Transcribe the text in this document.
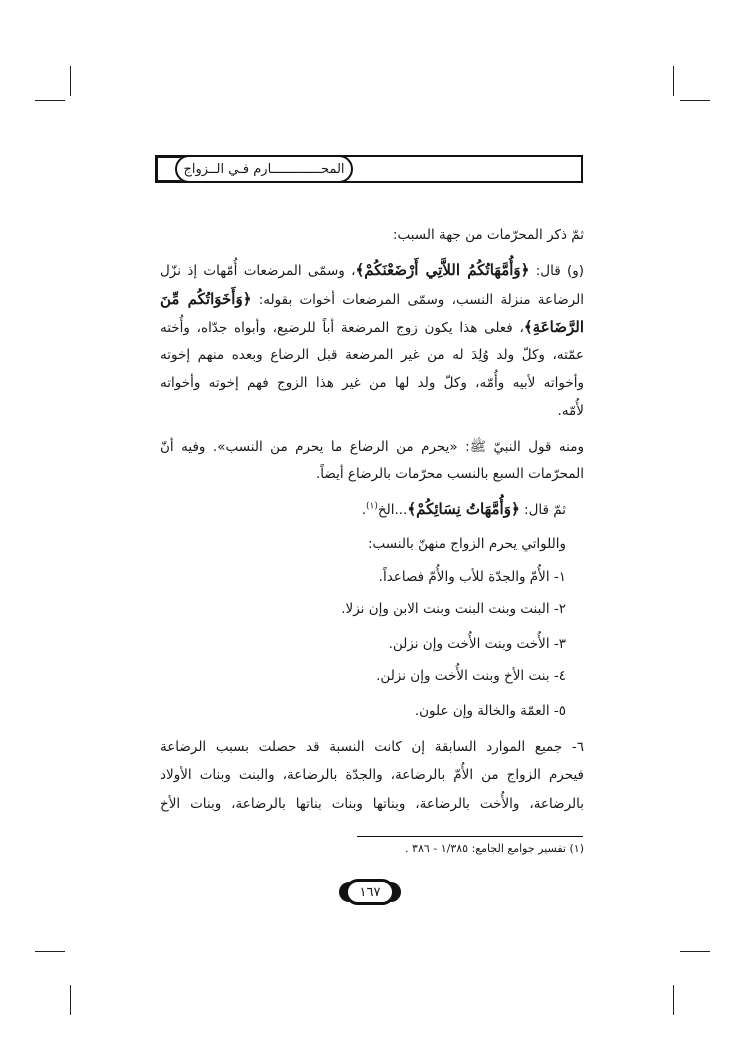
المحـــــــــــــارم فـي الــزواج
ثمّ ذكر المحرّمات من جهة السبب:
(و) قال: ﴿وَأُمَّهَاتُكُمُ اللاَّتِي أَرْضَعْنَكُمْ﴾، وسمّى المرضعات أُمّهات إذ نزّل
الرضاعة منزلة النسب، وسمّى المرضعات أخوات بقوله: ﴿وَأَخَوَاتُكُم مِّنَ
الرَّضَاعَةِ﴾، فعلى هذا يكون زوج المرضعة أباً للرضيع، وأبواه جدّاه، وأُخته
عمّته، وكلّ ولد وُلِدَ له من غير المرضعة قبل الرضاع وبعده منهم إخوته
وأخواته لأبيه وأُمّه، وكلّ ولد لها من غير هذا الزوج فهم إخوته وأخواته
لأُمّه.
ومنه قول النبيّ ﷺ: «يحرم من الرضاع ما يحرم من النسب». وفيه أنّ
المحرّمات السبع بالنسب محرّمات بالرضاع أيضاً.
ثمّ قال: ﴿وَأُمَّهَاتُ نِسَائِكُمْ﴾...الخ$^{(١)}$.
واللواتي يحرم الزواج منهنّ بالنسب:
١- الأُمّ والجدّة للأب والأُمّ فصاعداً.
٢- البنت وبنت البنت وبنت الابن وإن نزلا.
٣- الأُخت وبنت الأُخت وإن نزلن.
٤- بنت الأخ وبنت الأُخت وإن نزلن.
٥- العمّة والخالة وإن علون.
٦- جميع الموارد السابقة إن كانت النسبة قد حصلت بسبب الرضاعة
فيحرم الزواج من الأُمّ بالرضاعة، والجدّة بالرضاعة، والبنت وبنات الأولاد
بالرضاعة، والأُخت بالرضاعة، وبناتها وبنات بناتها بالرضاعة، وبنات الأخ
(١) تفسير جوامع الجامع: ١/٣٨٥ - ٣٨٦ .
١٦٧
